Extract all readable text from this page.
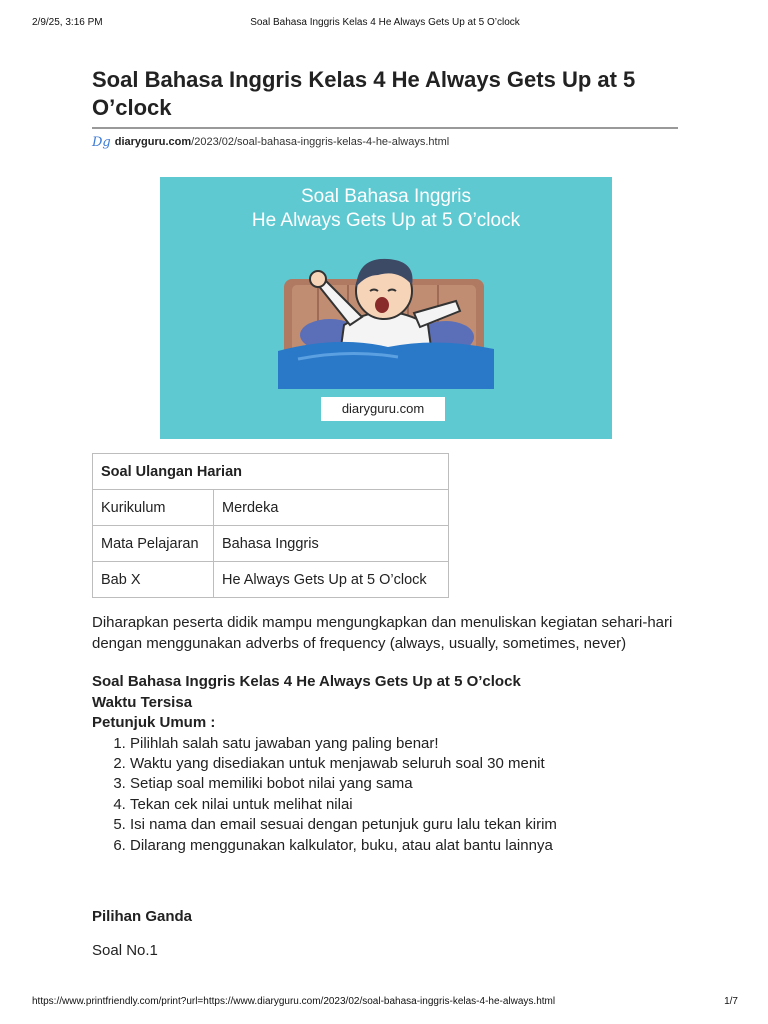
2/9/25, 3:16 PM	Soal Bahasa Inggris Kelas 4 He Always Gets Up at 5 O’clock
Soal Bahasa Inggris Kelas 4 He Always Gets Up at 5 O’clock
Dg diaryguru.com /2023/02/soal-bahasa-inggris-kelas-4-he-always.html
Soal Bahasa Inggris
He Always Gets Up at 5 O’clock
diaryguru.com
Soal Ulangan Harian	
Kurikulum	Merdeka
Mata Pelajaran	Bahasa Inggris
Bab X	He Always Gets Up at 5 O’clock

Diharapkan peserta didik mampu mengungkapkan dan menuliskan kegiatan sehari-hari dengan menggunakan adverbs of frequency (always, usually, sometimes, never)

Soal Bahasa Inggris Kelas 4 He Always Gets Up at 5 O’clock
Waktu Tersisa
Petunjuk Umum :
1. Pilihlah salah satu jawaban yang paling benar!
2. Waktu yang disediakan untuk menjawab seluruh soal 30 menit
3. Setiap soal memiliki bobot nilai yang sama
4. Tekan cek nilai untuk melihat nilai
5. Isi nama dan email sesuai dengan petunjuk guru lalu tekan kirim
6. Dilarang menggunakan kalkulator, buku, atau alat bantu lainnya
Pilihan Ganda
Soal No.1
https://www.printfriendly.com/print?url=https://www.diaryguru.com/2023/02/soal-bahasa-inggris-kelas-4-he-always.html	1/7
